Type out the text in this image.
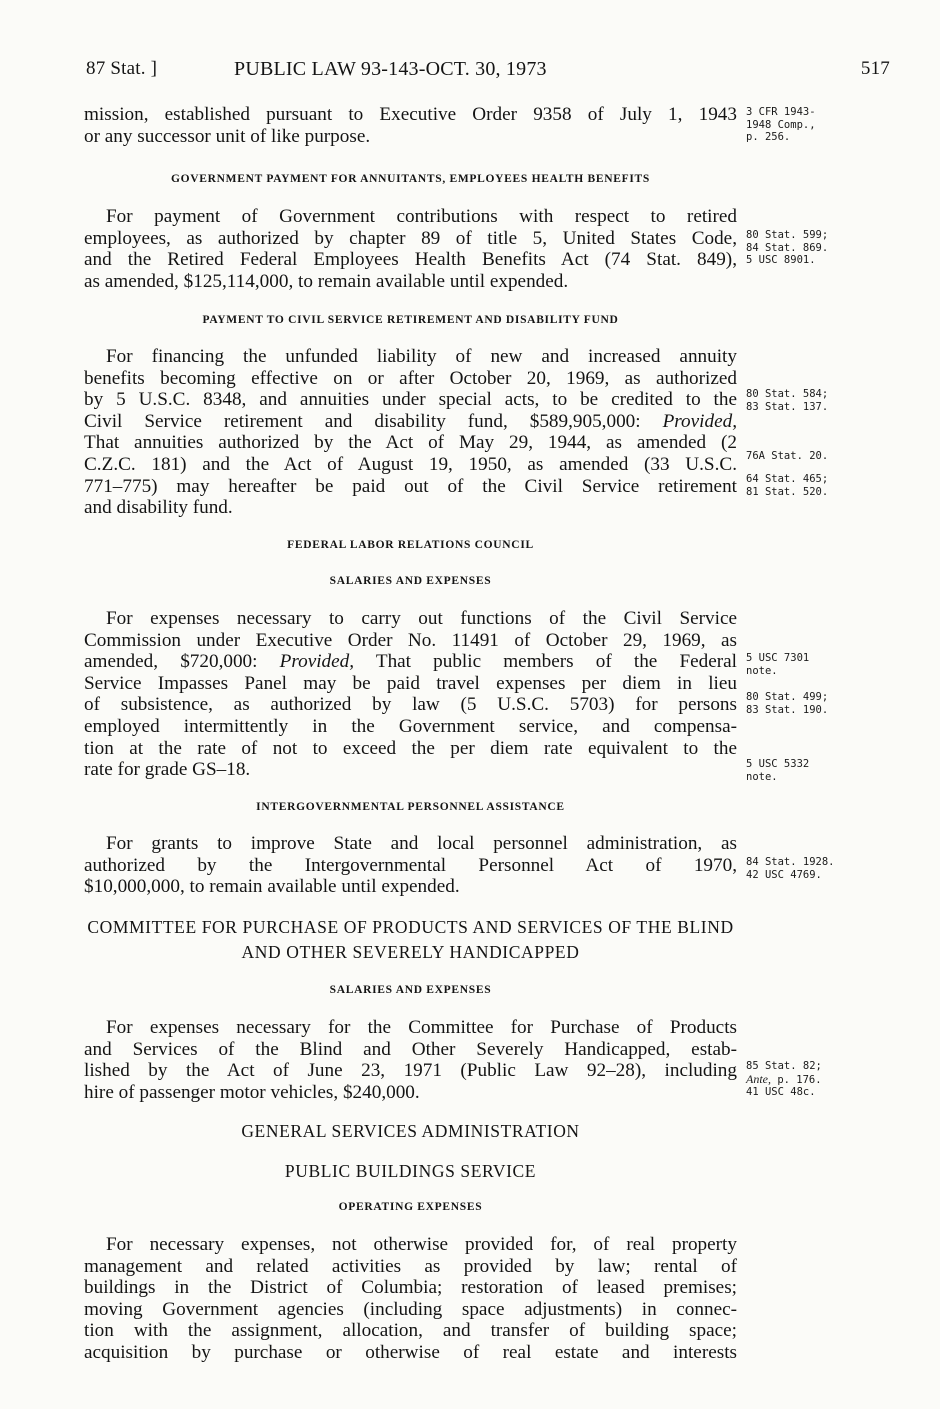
87 Stat. ]	PUBLIC LAW 93-143-OCT. 30, 1973	517
mission, established pursuant to Executive Order 9358 of July 1, 1943
or any successor unit of like purpose.
GOVERNMENT PAYMENT FOR ANNUITANTS, EMPLOYEES HEALTH BENEFITS
For payment of Government contributions with respect to retired
employees, as authorized by chapter 89 of title 5, United States Code,
and the Retired Federal Employees Health Benefits Act (74 Stat. 849),
as amended, $125,114,000, to remain available until expended.
PAYMENT TO CIVIL SERVICE RETIREMENT AND DISABILITY FUND
For financing the unfunded liability of new and increased annuity
benefits becoming effective on or after October 20, 1969, as authorized
by 5 U.S.C. 8348, and annuities under special acts, to be credited to the
Civil Service retirement and disability fund, $589,905,000: Provided,
That annuities authorized by the Act of May 29, 1944, as amended (2
C.Z.C. 181) and the Act of August 19, 1950, as amended (33 U.S.C.
771–775) may hereafter be paid out of the Civil Service retirement
and disability fund.
FEDERAL LABOR RELATIONS COUNCIL
SALARIES AND EXPENSES
For expenses necessary to carry out functions of the Civil Service
Commission under Executive Order No. 11491 of October 29, 1969, as
amended, $720,000: Provided, That public members of the Federal
Service Impasses Panel may be paid travel expenses per diem in lieu
of subsistence, as authorized by law (5 U.S.C. 5703) for persons
employed intermittently in the Government service, and compensa-
tion at the rate of not to exceed the per diem rate equivalent to the
rate for grade GS–18.
INTERGOVERNMENTAL PERSONNEL ASSISTANCE
For grants to improve State and local personnel administration, as
authorized by the Intergovernmental Personnel Act of 1970,
$10,000,000, to remain available until expended.
COMMITTEE FOR PURCHASE OF PRODUCTS AND SERVICES OF THE BLIND
AND OTHER SEVERELY HANDICAPPED
SALARIES AND EXPENSES
For expenses necessary for the Committee for Purchase of Products
and Services of the Blind and Other Severely Handicapped, estab-
lished by the Act of June 23, 1971 (Public Law 92–28), including
hire of passenger motor vehicles, $240,000.
GENERAL SERVICES ADMINISTRATION
PUBLIC BUILDINGS SERVICE
OPERATING EXPENSES
For necessary expenses, not otherwise provided for, of real property
management and related activities as provided by law; rental of
buildings in the District of Columbia; restoration of leased premises;
moving Government agencies (including space adjustments) in connec-
tion with the assignment, allocation, and transfer of building space;
acquisition by purchase or otherwise of real estate and interests
3 CFR 1943-
1948 Comp.,
p. 256.
80 Stat. 599;
84 Stat. 869.
5 USC 8901.
80 Stat. 584;
83 Stat. 137.
76A Stat. 20.
64 Stat. 465;
81 Stat. 520.
5 USC 7301
note.
80 Stat. 499;
83 Stat. 190.
5 USC 5332
note.
84 Stat. 1928.
42 USC 4769.
85 Stat. 82;
Ante, p. 176.
41 USC 48c.
